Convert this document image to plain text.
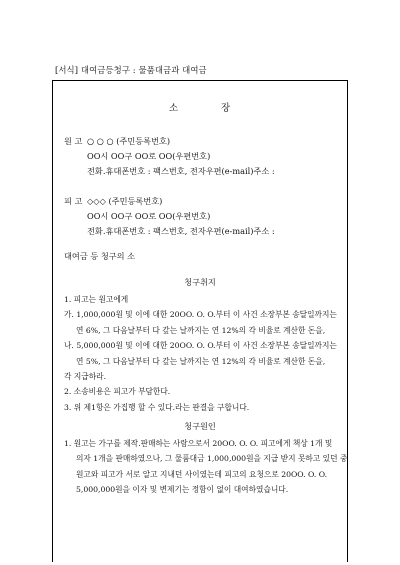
[서식] 대여금등청구 : 물품대금과 대여금
소	장
원 고 ○ ○ ○ (주민등록번호)
OO시 OO구 OO로 OO(우편번호)
전화․휴대폰번호 : 팩스번호, 전자우편(e-mail)주소 :
피 고 ◇◇◇ (주민등록번호)
OO시 OO구 OO로 OO(우편번호)
전화․휴대폰번호 : 팩스번호, 전자우편(e-mail)주소 :
대여금 등 청구의 소
청구취지
1. 피고는 원고에게
가. 1,000,000원 및 이에 대한 20OO. O. O.부터 이 사건 소장부본 송달일까지는
연 6%, 그 다음날부터 다 갚는 날까지는 연 12%의 각 비율로 계산한 돈을,
나. 5,000,000원 및 이에 대한 20OO. O. O.부터 이 사건 소장부본 송달일까지는
연 5%, 그 다음날부터 다 갚는 날까지는 연 12%의 각 비율로 계산한 돈을,
각 지급하라.
2. 소송비용은 피고가 부담한다.
3. 위 제1항은 가집행 할 수 있다.라는 판결을 구합니다.
청구원인
1. 원고는 가구를 제작․판매하는 사람으로서 20OO. O. O. 피고에게 책상 1개 및
의자 1개을 판매하였으나, 그 물품대금 1,000,000원을 지급 받지 못하고 있던 중
원고와 피고가 서로 알고 지내던 사이였는데 피고의 요청으로 20OO. O. O.
5,000,000원을 이자 및 변제기는 정함이 없이 대여하였습니다.
